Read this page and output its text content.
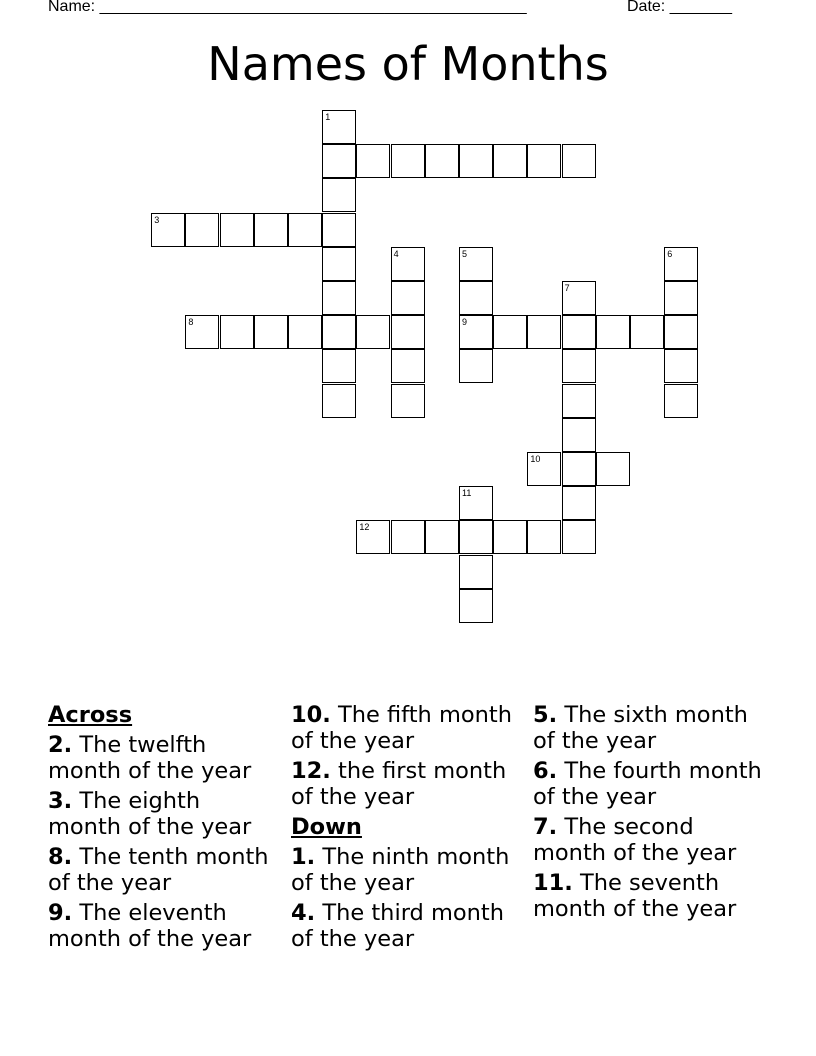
Name: ________________________________________________	Date: _______
Names of Months
1
3
4	5	6
7
8	9
10
11
12
Across
2. The twelfth month of the year
3. The eighth month of the year
8. The tenth month of the year
9. The eleventh month of the year
10. The fifth month of the year
12. the first month of the year
Down
1. The ninth month of the year
4. The third month of the year
5. The sixth month of the year
6. The fourth month of the year
7. The second month of the year
11. The seventh month of the year
